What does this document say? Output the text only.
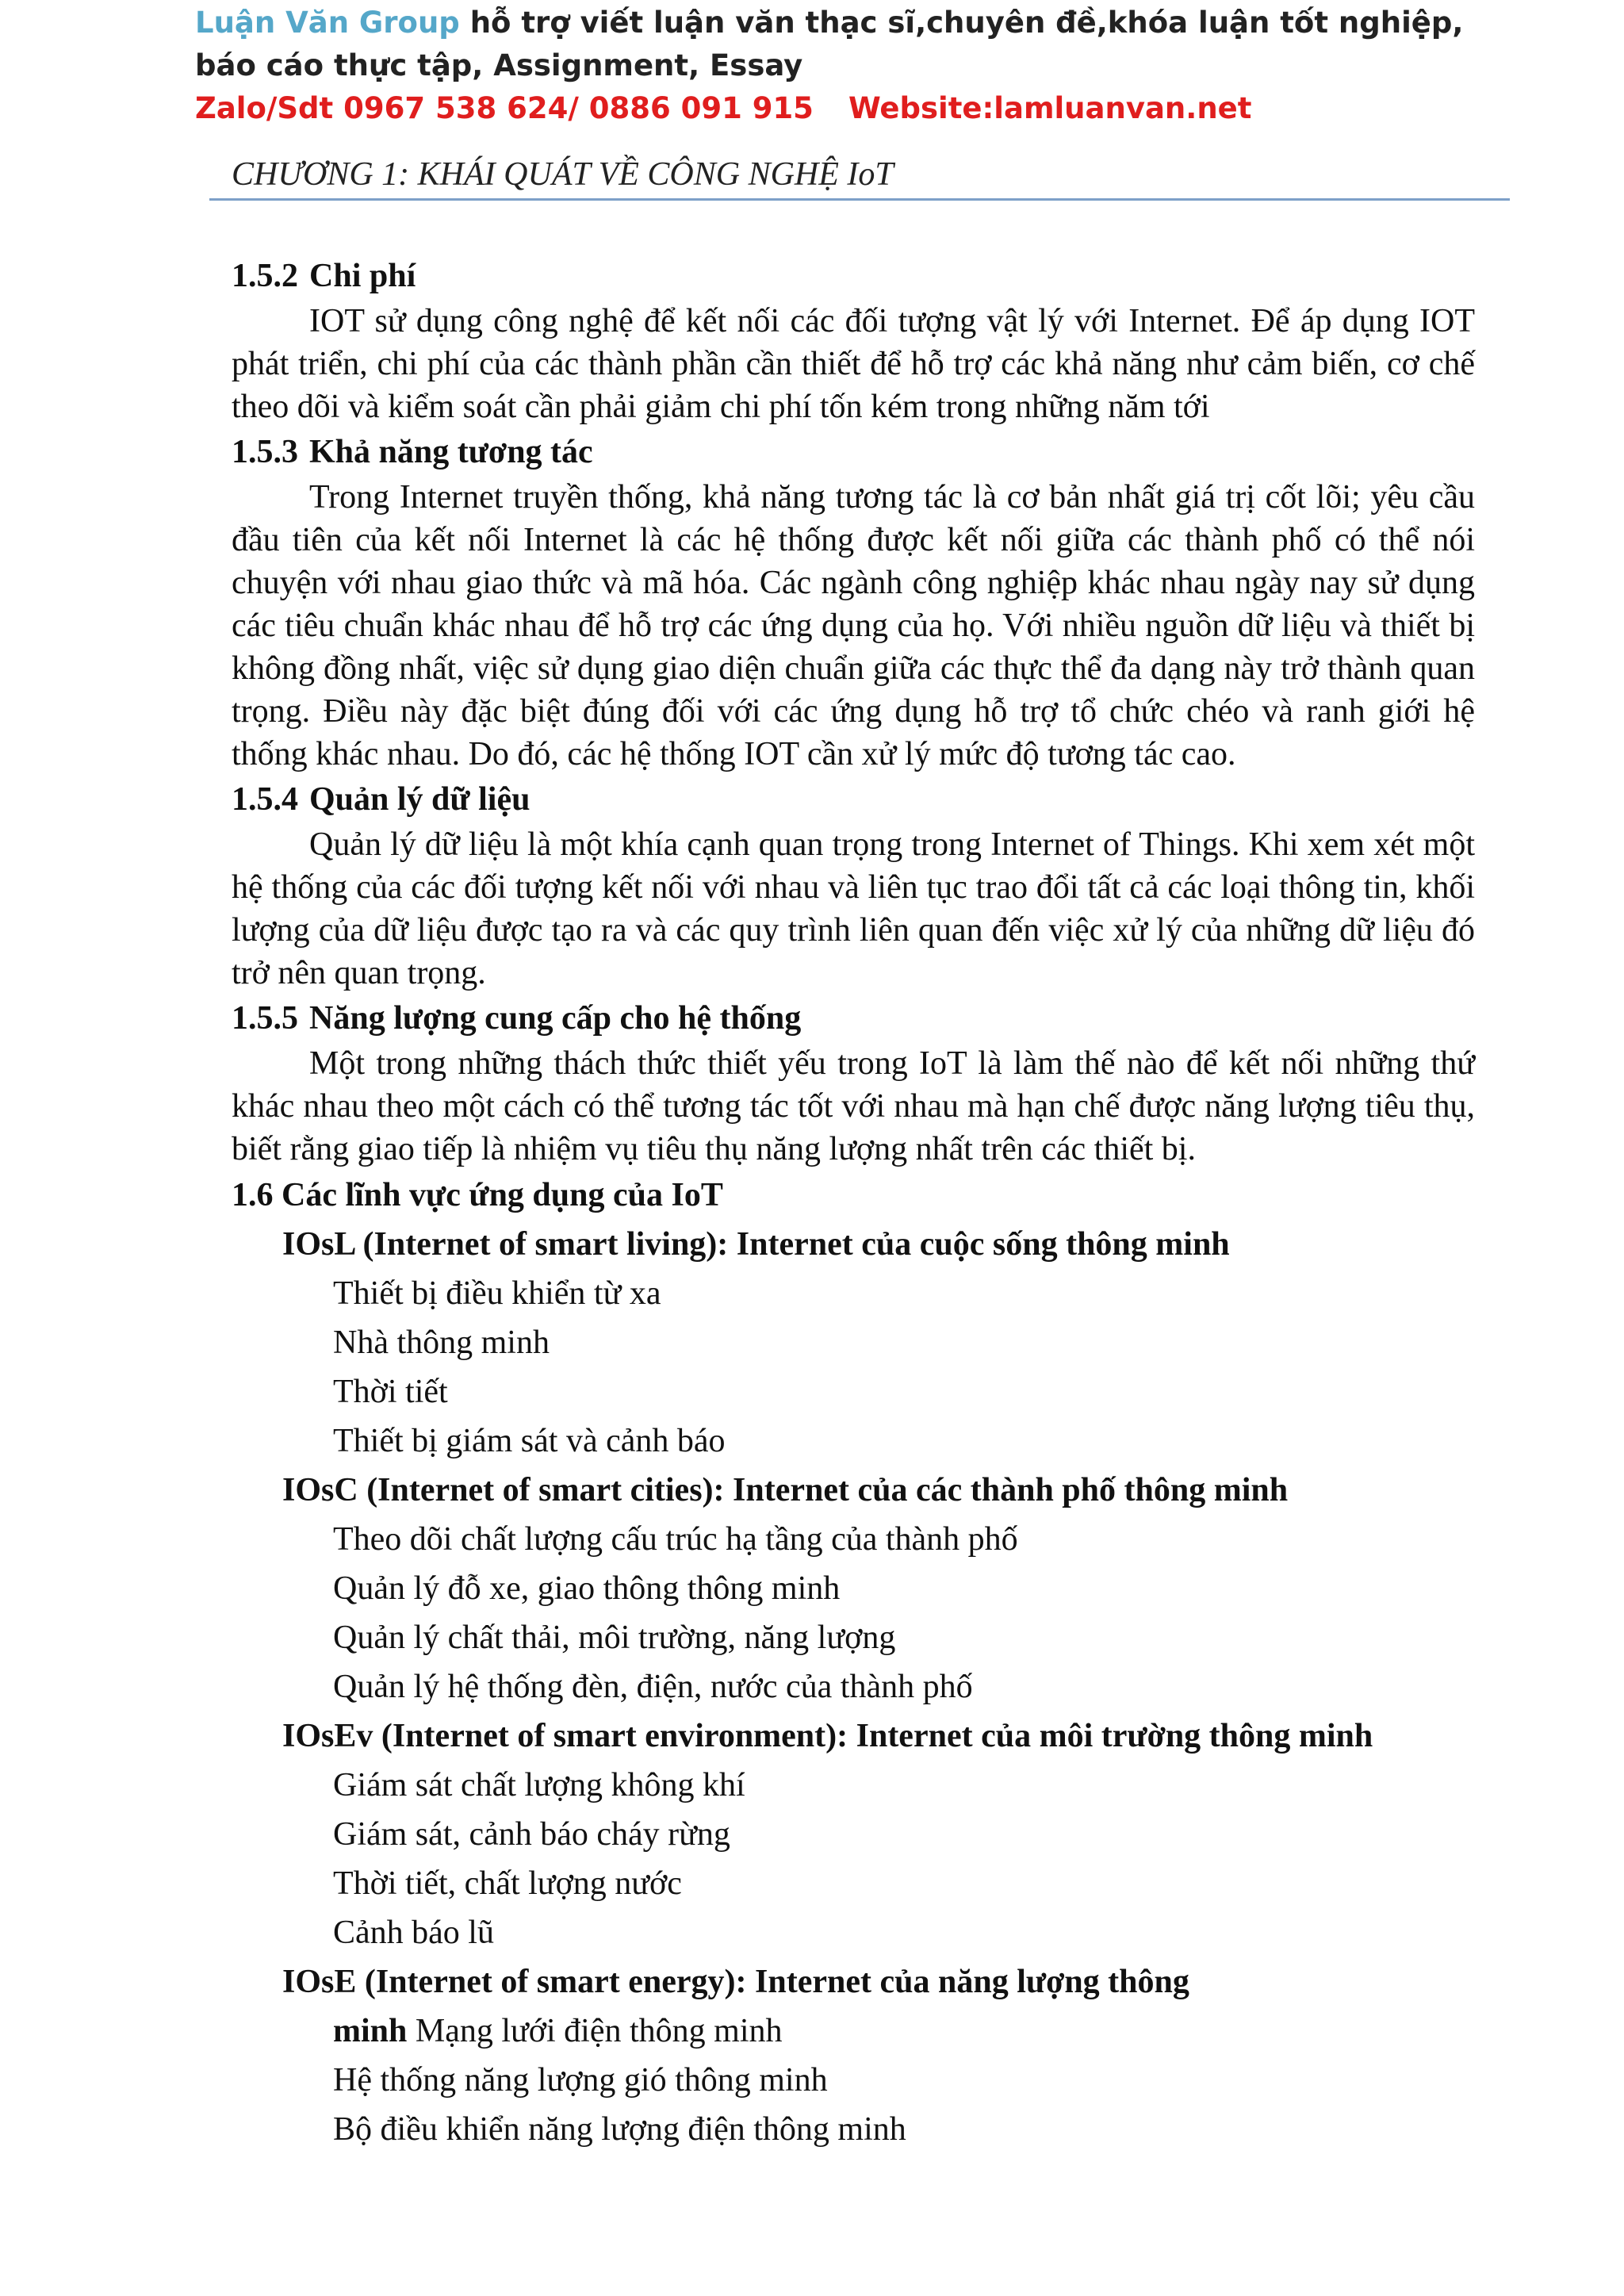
Luận Văn Group hỗ trợ viết luận văn thạc sĩ,chuyên đề,khóa luận tốt nghiệp, báo cáo thực tập, Assignment, Essay
Zalo/Sdt 0967 538 624/ 0886 091 915 Website:lamluanvan.net
CHƯƠNG 1: KHÁI QUÁT VỀ CÔNG NGHỆ IoT

1.5.2 Chi phí

IOT sử dụng công nghệ để kết nối các đối tượng vật lý với Internet. Để áp dụng IOT phát triển, chi phí của các thành phần cần thiết để hỗ trợ các khả năng như cảm biến, cơ chế theo dõi và kiểm soát cần phải giảm chi phí tốn kém trong những năm tới

1.5.3 Khả năng tương tác

Trong Internet truyền thống, khả năng tương tác là cơ bản nhất giá trị cốt lõi; yêu cầu đầu tiên của kết nối Internet là các hệ thống được kết nối giữa các thành phố có thể nói chuyện với nhau giao thức và mã hóa. Các ngành công nghiệp khác nhau ngày nay sử dụng các tiêu chuẩn khác nhau để hỗ trợ các ứng dụng của họ. Với nhiều nguồn dữ liệu và thiết bị không đồng nhất, việc sử dụng giao diện chuẩn giữa các thực thể đa dạng này trở thành quan trọng. Điều này đặc biệt đúng đối với các ứng dụng hỗ trợ tổ chức chéo và ranh giới hệ thống khác nhau. Do đó, các hệ thống IOT cần xử lý mức độ tương tác cao.

1.5.4 Quản lý dữ liệu

Quản lý dữ liệu là một khía cạnh quan trọng trong Internet of Things. Khi xem xét một hệ thống của các đối tượng kết nối với nhau và liên tục trao đổi tất cả các loại thông tin, khối lượng của dữ liệu được tạo ra và các quy trình liên quan đến việc xử lý của những dữ liệu đó trở nên quan trọng.

1.5.5 Năng lượng cung cấp cho hệ thống

Một trong những thách thức thiết yếu trong IoT là làm thế nào để kết nối những thứ khác nhau theo một cách có thể tương tác tốt với nhau mà hạn chế được năng lượng tiêu thụ, biết rằng giao tiếp là nhiệm vụ tiêu thụ năng lượng nhất trên các thiết bị.

1.6 Các lĩnh vực ứng dụng của IoT

IOsL (Internet of smart living): Internet của cuộc sống thông minh

Thiết bị điều khiển từ xa

Nhà thông minh

Thời tiết

Thiết bị giám sát và cảnh báo

IOsC (Internet of smart cities): Internet của các thành phố thông minh

Theo dõi chất lượng cấu trúc hạ tầng của thành phố

Quản lý đỗ xe, giao thông thông minh

Quản lý chất thải, môi trường, năng lượng

Quản lý hệ thống đèn, điện, nước của thành phố

IOsEv (Internet of smart environment): Internet của môi trường thông minh

Giám sát chất lượng không khí

Giám sát, cảnh báo cháy rừng

Thời tiết, chất lượng nước

Cảnh báo lũ

IOsE (Internet of smart energy): Internet của năng lượng thông
minh Mạng lưới điện thông minh

Hệ thống năng lượng gió thông minh

Bộ điều khiển năng lượng điện thông minh
